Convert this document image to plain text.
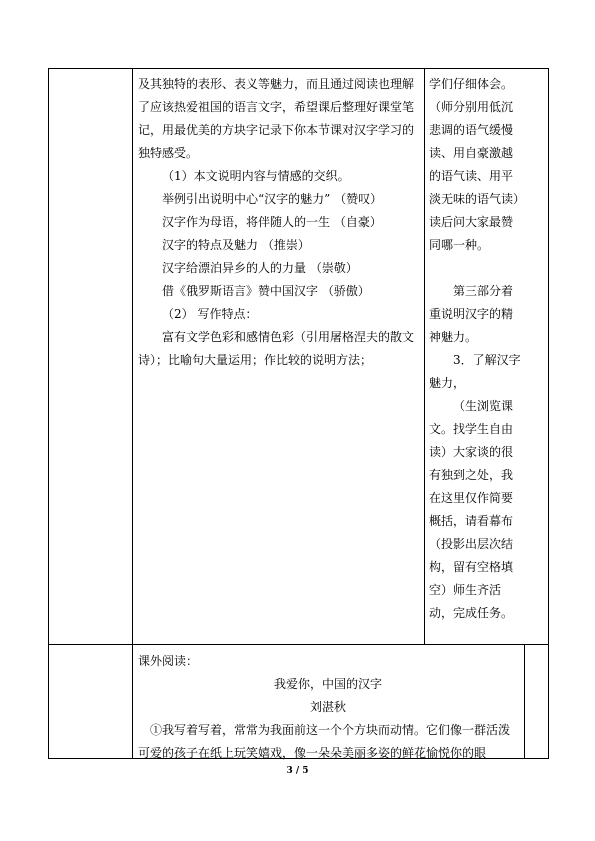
及其独特的表形、表义等魅力，而且通过阅读也理解了应该热爱祖国的语言文字，希望课后整理好课堂笔记，用最优美的方块字记录下你本节课对汉字学习的独特感受。

（1）本文说明内容与情感的交织。

举例引出说明中心“汉字的魅力” （赞叹）

汉字作为母语，将伴随人的一生 （自豪）

汉字的特点及魅力 （推崇）

汉字给漂泊异乡的人的力量 （崇敬）

借《俄罗斯语言》赞中国汉字 （骄傲）

（2） 写作特点：

富有文学色彩和感情色彩（引用屠格涅夫的散文诗）；比喻句大量运用；作比较的说明方法；

学们仔细体会。

（师分别用低沉悲调的语气缓慢读、用自豪激越的语气读、用平淡无味的语气读）读后问大家最赞同哪一种。

第三部分着重说明汉字的精神魅力。

3．了解汉字魅力，

（生浏览课文。找学生自由读）大家谈的很有独到之处，我在这里仅作简要概括，请看幕布（投影出层次结构，留有空格填空）师生齐活动，完成任务。

课外阅读：

我爱你，中国的汉字

刘湛秋

①我写着写着，常常为我面前这一个个方块而动情。它们像一群活泼可爱的孩子在纸上玩笑嬉戏，像一朵朵美丽多姿的鲜花愉悦你的眼

3 / 5
